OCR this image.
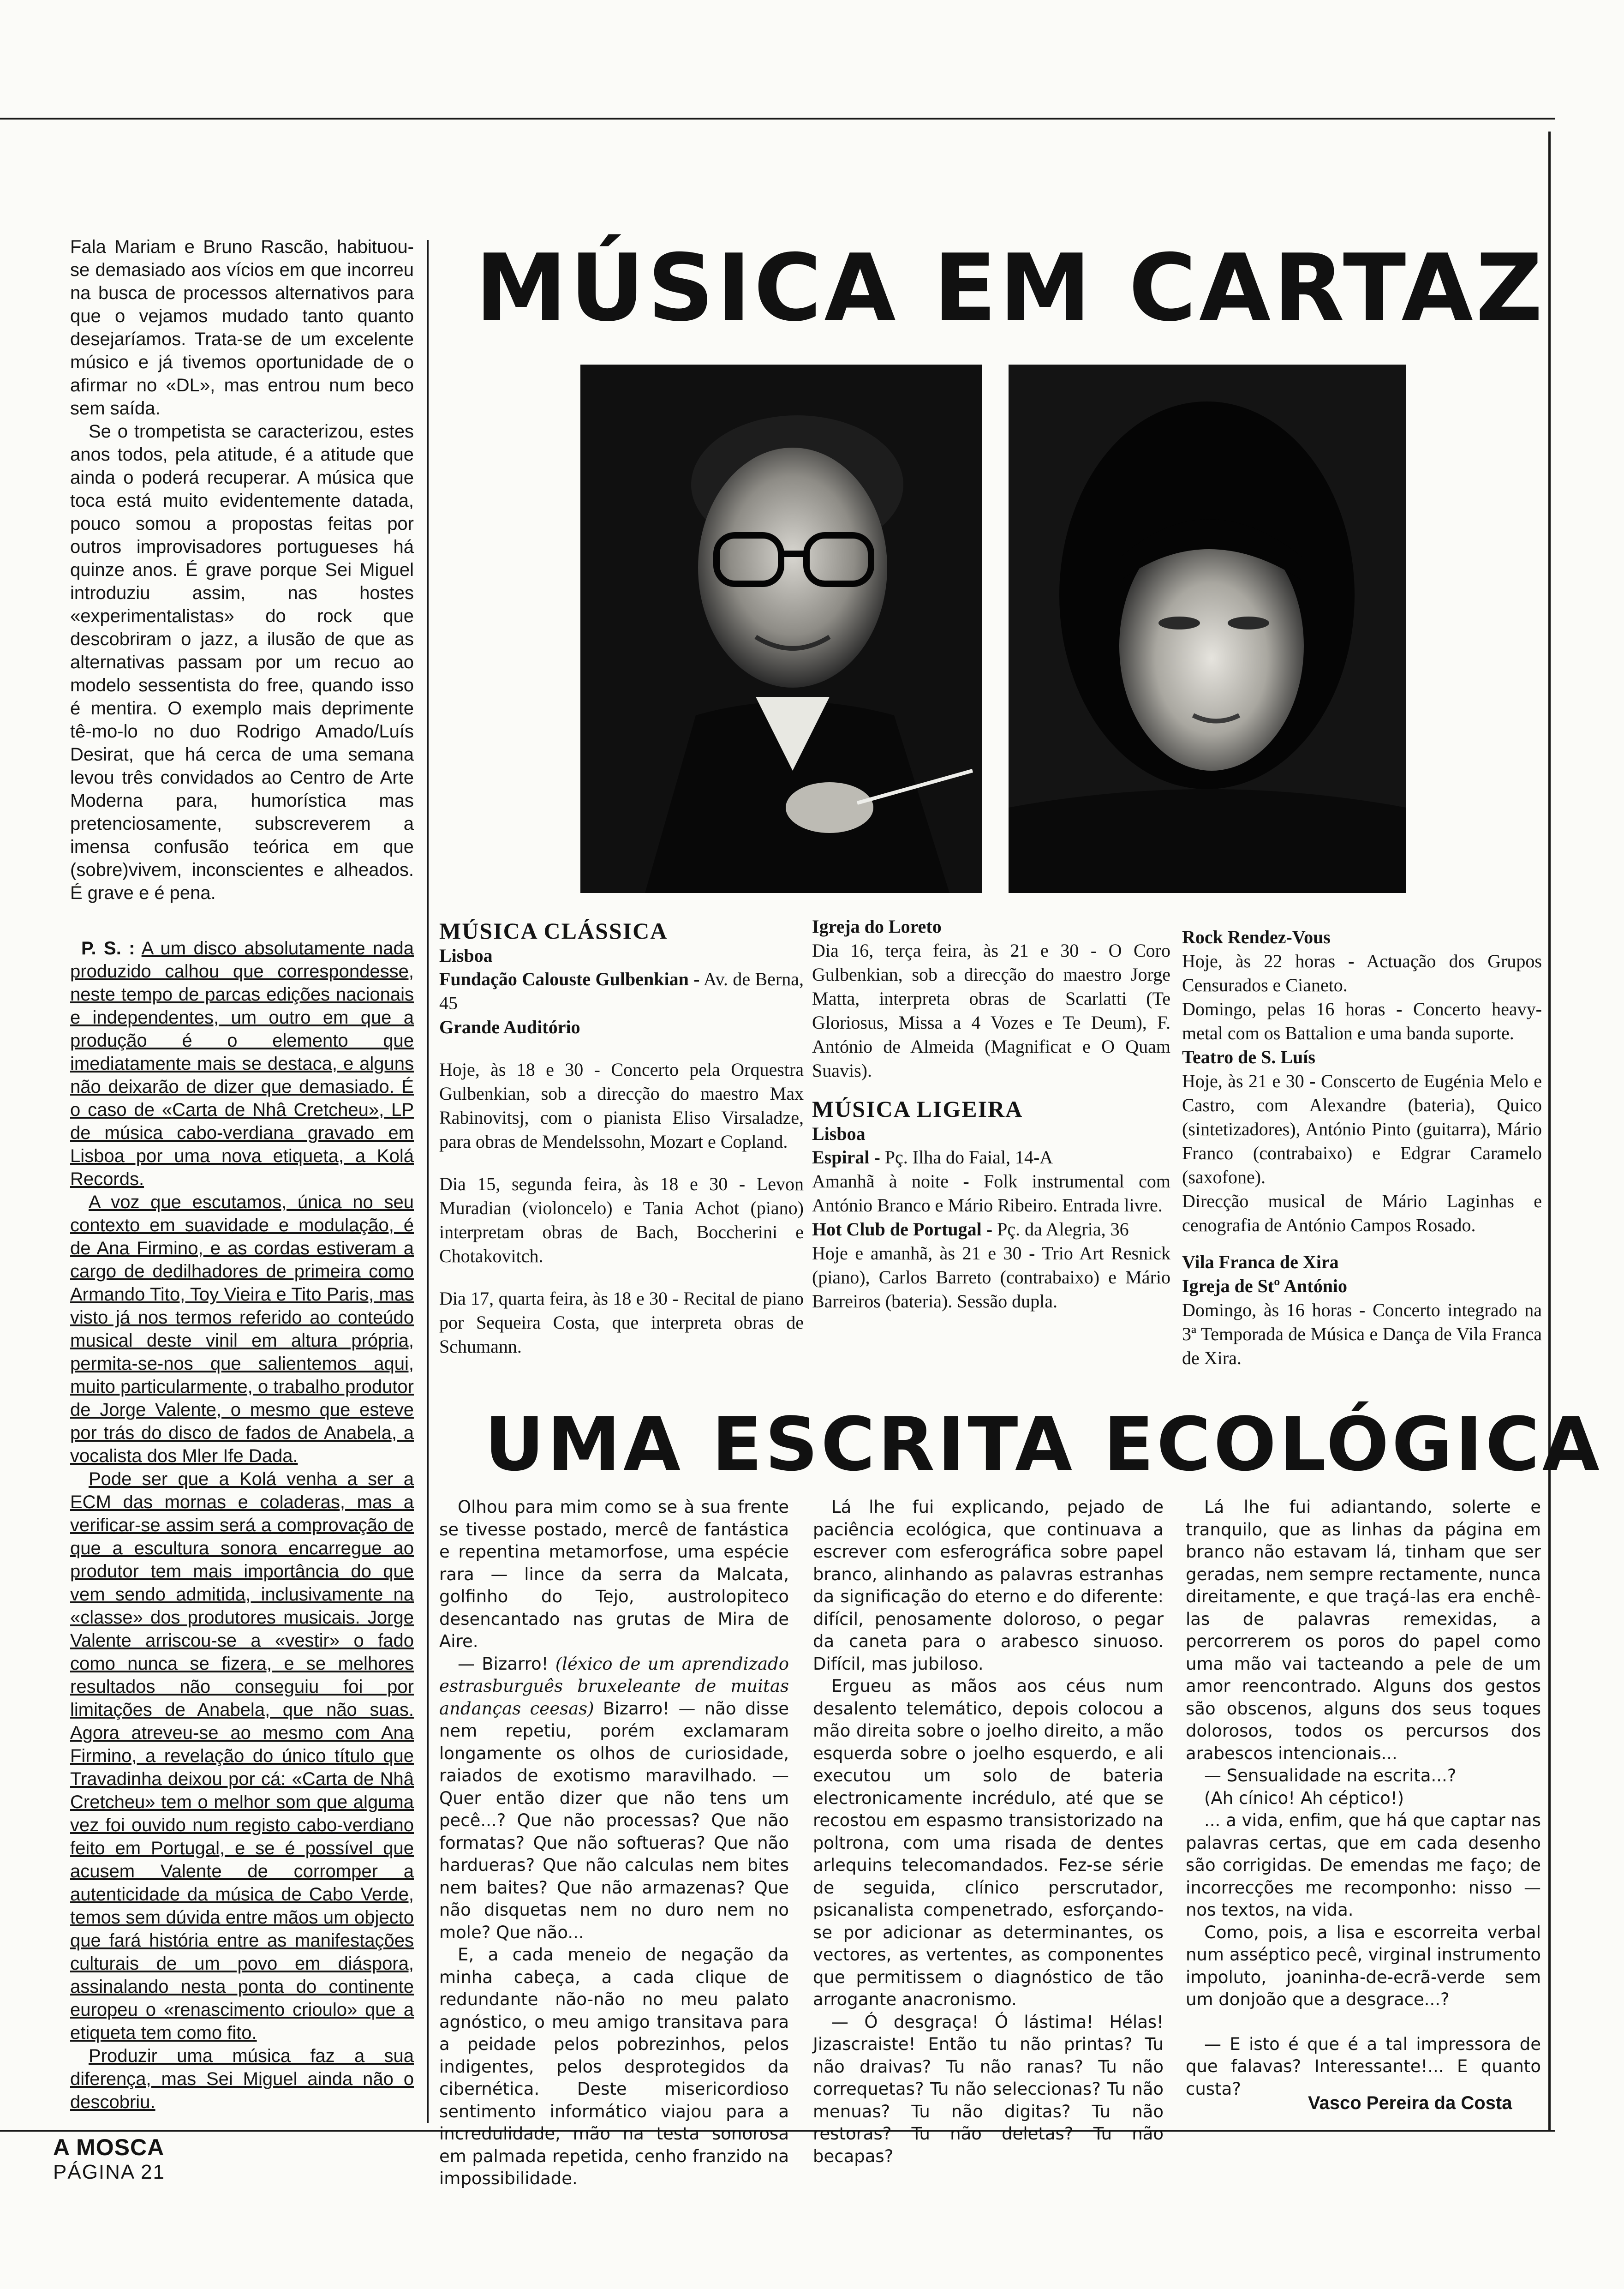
Fala Mariam e Bruno Rascão, habituou-se demasiado aos vícios em que incorreu na busca de processos alternativos para que o vejamos mudado tanto quanto desejaríamos. Trata-se de um excelente músico e já tivemos oportunidade de o afirmar no «DL», mas entrou num beco sem saída.

Se o trompetista se caracterizou, estes anos todos, pela atitude, é a atitude que ainda o poderá recuperar. A música que toca está muito evidentemente datada, pouco somou a propostas feitas por outros improvisadores portugueses há quinze anos. É grave porque Sei Miguel introduziu assim, nas hostes «experimentalistas» do rock que descobriram o jazz, a ilusão de que as alternativas passam por um recuo ao modelo sessentista do free, quando isso é mentira. O exemplo mais deprimente tê-mo-lo no duo Rodrigo Amado/Luís Desirat, que há cerca de uma semana levou três convidados ao Centro de Arte Moderna para, humorística mas pretenciosamente, subscreverem a imensa confusão teórica em que (sobre)vivem, inconscientes e alheados. É grave e é pena.

P. S. : A um disco absolutamente nada produzido calhou que correspondesse, neste tempo de parcas edições nacionais e independentes, um outro em que a produção é o elemento que imediatamente mais se destaca, e alguns não deixarão de dizer que demasiado. É o caso de «Carta de Nhâ Cretcheu», LP de música cabo-verdiana gravado em Lisboa por uma nova etiqueta, a Kolá Records.

A voz que escutamos, única no seu contexto em suavidade e modulação, é de Ana Firmino, e as cordas estiveram a cargo de dedilhadores de primeira como Armando Tito, Toy Vieira e Tito Paris, mas visto já nos termos referido ao conteúdo musical deste vinil em altura própria, permita-se-nos que salientemos aqui, muito particularmente, o trabalho produtor de Jorge Valente, o mesmo que esteve por trás do disco de fados de Anabela, a vocalista dos Mler Ife Dada.

Pode ser que a Kolá venha a ser a ECM das mornas e coladeras, mas a verificar-se assim será a comprovação de que a escultura sonora encarregue ao produtor tem mais importância do que vem sendo admitida, inclusivamente na «classe» dos produtores musicais. Jorge Valente arriscou-se a «vestir» o fado como nunca se fizera, e se melhores resultados não conseguiu foi por limitações de Anabela, que não suas. Agora atreveu-se ao mesmo com Ana Firmino, a revelação do único título que Travadinha deixou por cá: «Carta de Nhâ Cretcheu» tem o melhor som que alguma vez foi ouvido num registo cabo-verdiano feito em Portugal, e se é possível que acusem Valente de corromper a autenticidade da música de Cabo Verde, temos sem dúvida entre mãos um objecto que fará história entre as manifestações culturais de um povo em diáspora, assinalando nesta ponta do continente europeu o «renascimento crioulo» que a etiqueta tem como fito.

Produzir uma música faz a sua diferença, mas Sei Miguel ainda não o descobriu.

MÚSICA EM CARTAZ
MÚSICA CLÁSSICA

Lisboa

Fundação Calouste Gulbenkian - Av. de Berna, 45

Grande Auditório

Hoje, às 18 e 30 - Concerto pela Orquestra Gulbenkian, sob a direcção do maestro Max Rabinovitsj, com o pianista Eliso Virsaladze, para obras de Mendelssohn, Mozart e Copland.

Dia 15, segunda feira, às 18 e 30 - Levon Muradian (violoncelo) e Tania Achot (piano) interpretam obras de Bach, Boccherini e Chotakovitch.

Dia 17, quarta feira, às 18 e 30 - Recital de piano por Sequeira Costa, que interpreta obras de Schumann.

Igreja do Loreto

Dia 16, terça feira, às 21 e 30 - O Coro Gulbenkian, sob a direcção do maestro Jorge Matta, interpreta obras de Scarlatti (Te Gloriosus, Missa a 4 Vozes e Te Deum), F. António de Almeida (Magnificat e O Quam Suavis).

MÚSICA LIGEIRA

Lisboa

Espiral - Pç. Ilha do Faial, 14-A

Amanhã à noite - Folk instrumental com António Branco e Mário Ribeiro. Entrada livre.

Hot Club de Portugal - Pç. da Alegria, 36

Hoje e amanhã, às 21 e 30 - Trio Art Resnick (piano), Carlos Barreto (contrabaixo) e Mário Barreiros (bateria). Sessão dupla.

Rock Rendez-Vous

Hoje, às 22 horas - Actuação dos Grupos Censurados e Cianeto.

Domingo, pelas 16 horas - Concerto heavy-metal com os Battalion e uma banda suporte.

Teatro de S. Luís

Hoje, às 21 e 30 - Conscerto de Eugénia Melo e Castro, com Alexandre (bateria), Quico (sintetizadores), António Pinto (guitarra), Mário Franco (contrabaixo) e Edgrar Caramelo (saxofone).

Direcção musical de Mário Laginhas e cenografia de António Campos Rosado.

Vila Franca de Xira

Igreja de Stº António

Domingo, às 16 horas - Concerto integrado na 3ª Temporada de Música e Dança de Vila Franca de Xira.

UMA ESCRITA ECOLÓGICA

Olhou para mim como se à sua frente se tivesse postado, mercê de fantástica e repentina metamorfose, uma espécie rara — lince da serra da Malcata, golfinho do Tejo, austrolopiteco desencantado nas grutas de Mira de Aire.

— Bizarro! (léxico de um aprendizado estrasburguês bruxeleante de muitas andanças ceesas) Bizarro! — não disse nem repetiu, porém exclamaram longamente os olhos de curiosidade, raiados de exotismo maravilhado. — Quer então dizer que não tens um pecê...? Que não processas? Que não formatas? Que não softueras? Que não hardueras? Que não calculas nem bites nem baites? Que não armazenas? Que não disquetas nem no duro nem no mole? Que não...

E, a cada meneio de negação da minha cabeça, a cada clique de redundante não-não no meu palato agnóstico, o meu amigo transitava para a peidade pelos pobrezinhos, pelos indigentes, pelos desprotegidos da cibernética. Deste misericordioso sentimento informático viajou para a incredulidade, mão na testa sonorosa em palmada repetida, cenho franzido na impossibilidade.

Lá lhe fui explicando, pejado de paciência ecológica, que continuava a escrever com esferográfica sobre papel branco, alinhando as palavras estranhas da significação do eterno e do diferente: difícil, penosamente doloroso, o pegar da caneta para o arabesco sinuoso. Difícil, mas jubiloso.

Ergueu as mãos aos céus num desalento telemático, depois colocou a mão direita sobre o joelho direito, a mão esquerda sobre o joelho esquerdo, e ali executou um solo de bateria electronicamente incrédulo, até que se recostou em espasmo transistorizado na poltrona, com uma risada de dentes arlequins telecomandados. Fez-se série de seguida, clínico perscrutador, psicanalista compenetrado, esforçando-se por adicionar as determinantes, os vectores, as vertentes, as componentes que permitissem o diagnóstico de tão arrogante anacronismo.

— Ó desgraça! Ó lástima! Hélas! Jizascraiste! Então tu não printas? Tu não draivas? Tu não ranas? Tu não correquetas? Tu não seleccionas? Tu não menuas? Tu não digitas? Tu não restoras? Tu não deletas? Tu não becapas?

Lá lhe fui adiantando, solerte e tranquilo, que as linhas da página em branco não estavam lá, tinham que ser geradas, nem sempre rectamente, nunca direitamente, e que traçá-las era enchê-las de palavras remexidas, a percorrerem os poros do papel como uma mão vai tacteando a pele de um amor reencontrado. Alguns dos gestos são obscenos, alguns dos seus toques dolorosos, todos os percursos dos arabescos intencionais...

— Sensualidade na escrita...?

(Ah cínico! Ah céptico!)

... a vida, enfim, que há que captar nas palavras certas, que em cada desenho são corrigidas. De emendas me faço; de incorrecções me recomponho: nisso — nos textos, na vida.

Como, pois, a lisa e escorreita verbal num asséptico pecê, virginal instrumento impoluto, joaninha-de-ecrã-verde sem um donjoão que a desgrace...?

— E isto é que é a tal impressora de que falavas? Interessante!... E quanto custa?

Vasco Pereira da Costa
A MOSCA
PÁGINA 21
